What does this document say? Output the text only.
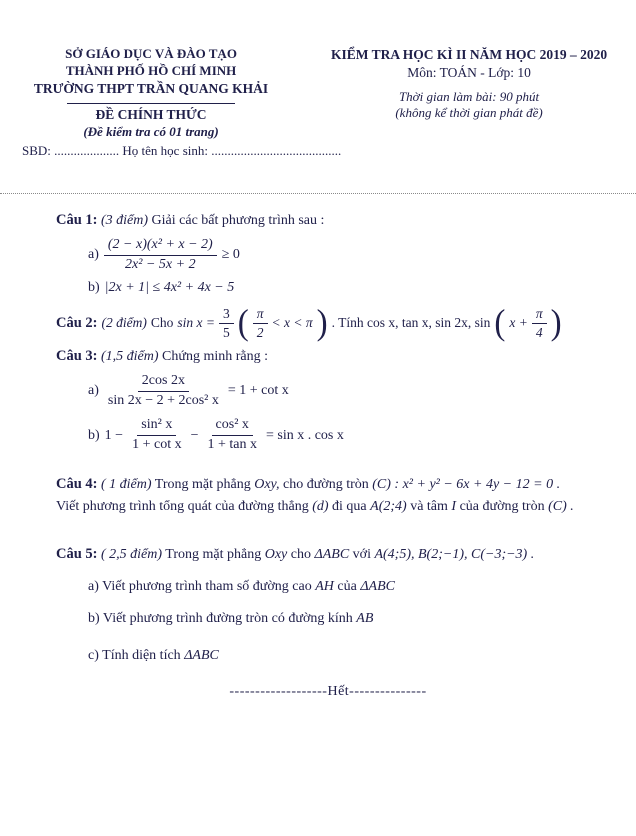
SỞ GIÁO DỤC VÀ ĐÀO TẠO
THÀNH PHỐ HỒ CHÍ MINH
TRƯỜNG THPT TRẦN QUANG KHẢI
ĐỀ CHÍNH THỨC
(Đề kiểm tra có 01 trang)
SBD: .................... Họ tên học sinh: ........................................
KIỂM TRA HỌC KÌ II NĂM HỌC 2019 – 2020
Môn: TOÁN - Lớp: 10
Thời gian làm bài: 90 phút
(không kể thời gian phát đề)

Câu 1: (3 điểm) Giải các bất phương trình sau :

$a) \frac{\text{(2 − x)(x² + x − 2)}}{\text{2x² − 5x + 2}} \ge 0$
b) |2x + 1| ≤ 4x² + 4x − 5
Câu 2: (2 điểm) Cho $\sin x = \frac{3}{5}$ ( $\frac{\pi}{2} < x < \pi$ ) . Tính cos x, tan x, sin 2x, sin ( $x + \frac{\pi}{4}$ )

Câu 3: (1,5 điểm) Chứng minh rằng :

$a) \frac{2\cos 2x}{\text{sin 2x − 2 + 2cos² x}} = 1 + \cot x$
b) $1 - \frac{\text{sin² x}}{\text{1 + cot x}} - \frac{\text{cos² x}}{\text{1 + tan x}} = \sin x$ . cos x

Câu 4: ( 1 điểm) Trong mặt phẳng Oxy, cho đường tròn (C) : x² + y² − 6x + 4y − 12 = 0 .

Viết phương trình tổng quát của đường thẳng (d) đi qua A(2;4) và tâm I của đường tròn (C) .

Câu 5: ( 2,5 điểm) Trong mặt phẳng Oxy cho ΔABC với A(4;5), B(2;−1), C(−3;−3) .

a) Viết phương trình tham số đường cao AH của ΔABC

b) Viết phương trình đường tròn có đường kính AB

c) Tính diện tích ΔABC

-------------------Hết---------------
